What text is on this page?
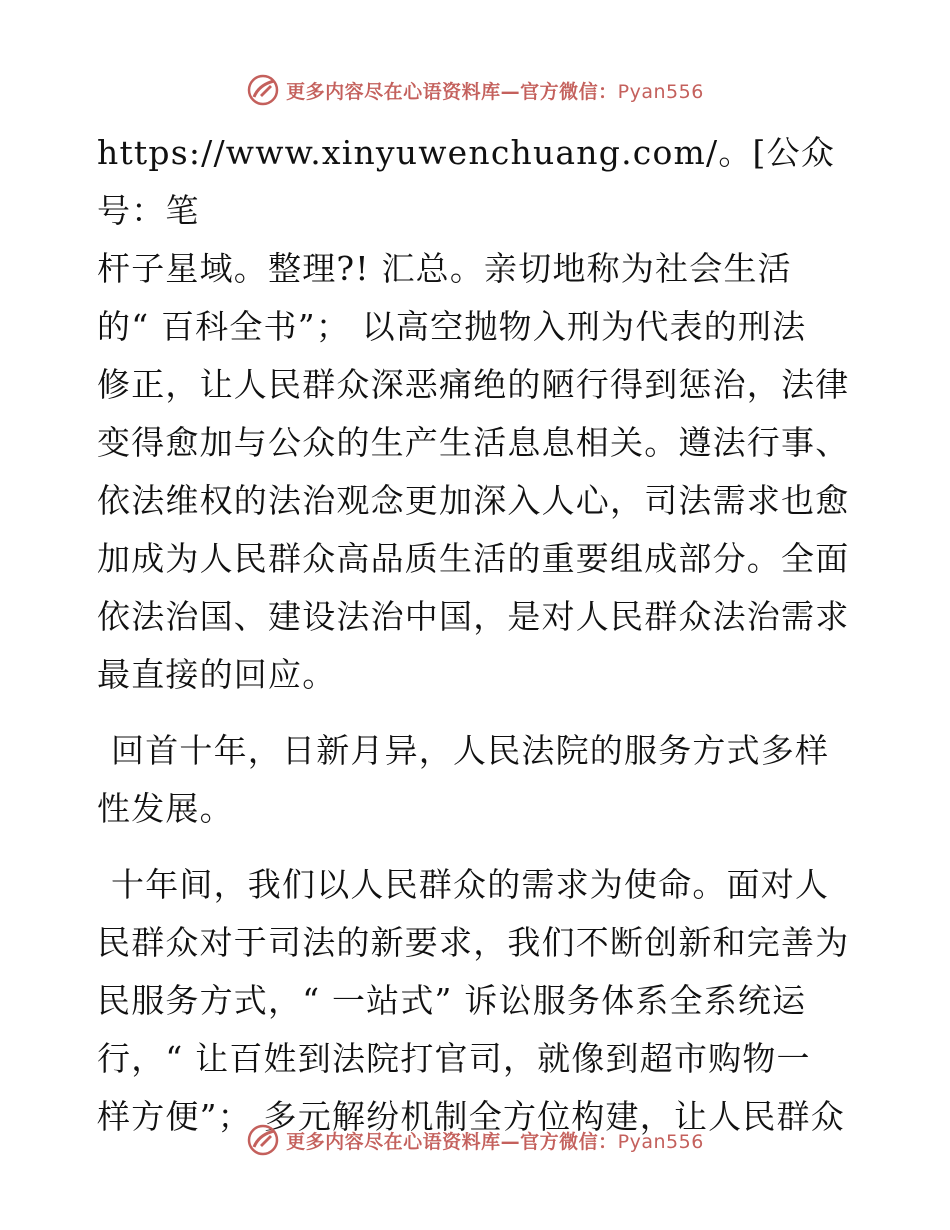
更多内容尽在心语资料库—官方微信：Pyan556

https://www.xinyuwenchuang.com/。[公众号：笔
杆子星域。整理?! 汇总。亲切地称为社会生活
的“ 百科全书”； 以高空抛物入刑为代表的刑法
修正，让人民群众深恶痛绝的陋行得到惩治，法律
变得愈加与公众的生产生活息息相关。遵法行事、
依法维权的法治观念更加深入人心，司法需求也愈
加成为人民群众高品质生活的重要组成部分。全面
依法治国、建设法治中国，是对人民群众法治需求
最直接的回应。

回首十年，日新月异，人民法院的服务方式多样
性发展。

十年间，我们以人民群众的需求为使命。面对人
民群众对于司法的新要求，我们不断创新和完善为
民服务方式，“ 一站式” 诉讼服务体系全系统运
行，“ 让百姓到法院打官司，就像到超市购物一
样方便”； 多元解纷机制全方位构建，让人民群众

更多内容尽在心语资料库—官方微信：Pyan556
